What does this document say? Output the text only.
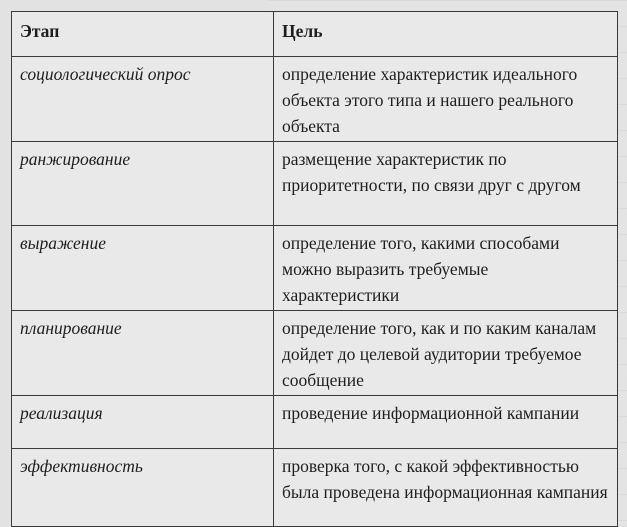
Этап	Цель
социологический опрос	определение характеристик идеального объекта этого типа и нашего реального объекта
ранжирование	размещение характеристик по приоритетности, по связи друг с другом
выражение	определение того, какими способами можно выразить требуемые характеристики
планирование	определение того, как и по каким каналам дойдет до целевой аудитории требуемое сообщение
реализация	проведение информационной кампании
эффективность	проверка того, с какой эффективностью была проведена информационная кампания
